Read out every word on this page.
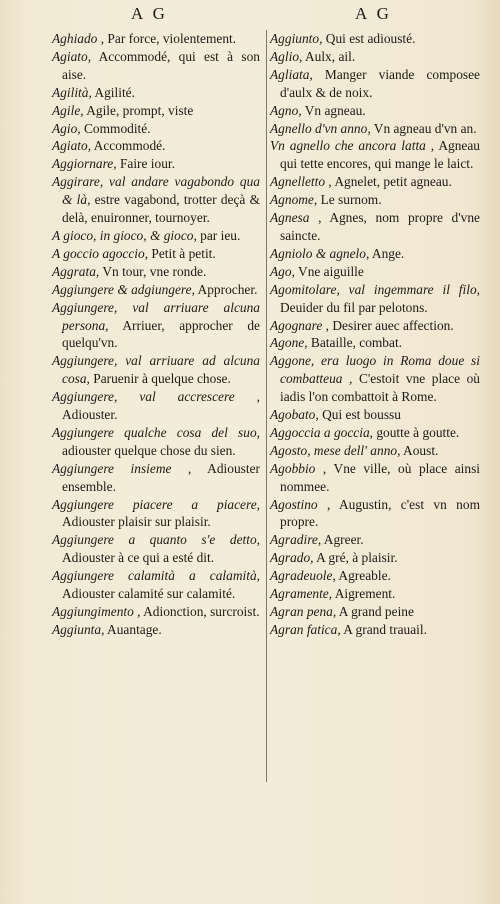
A G	A G

Aghiado , Par force, violentement.

Agiato, Accommodé, qui est à son aise.

Agilità, Agilité.

Agile, Agile, prompt, viste

Agio, Commodité.

Agiato, Accommodé.

Aggiornare, Faire iour.

Aggirare, val andare vagabondo qua & là, estre vagabond, trotter deçà & delà, enuironner, tournoyer.

A gioco, in gioco, & gioco, par ieu.

A goccio agoccio, Petit à petit.

Aggrata, Vn tour, vne ronde.

Aggiungere & adgiungere, Approcher.

Aggiungere, val arriuare alcuna persona, Arriuer, approcher de quelqu'vn.

Aggiungere, val arriuare ad alcuna cosa, Paruenir à quelque chose.

Aggiungere, val accrescere , Adiouster.

Aggiungere qualche cosa del suo, adiouster quelque chose du sien.

Aggiungere insieme , Adiouster ensemble.

Aggiungere piacere a piacere, Adiouster plaisir sur plaisir.

Aggiungere a quanto s'e detto, Adiouster à ce qui a esté dit.

Aggiungere calamità a calamità, Adiouster calamité sur calamité.

Aggiungimento , Adionction, surcroist.

Aggiunta, Auantage.

Aggiunto, Qui est adiousté.

Aglio, Aulx, ail.

Agliata, Manger viande composee d'aulx & de noix.

Agno, Vn agneau.

Agnello d'vn anno, Vn agneau d'vn an.

Vn agnello che ancora latta , Agneau qui tette encores, qui mange le laict.

Agnelletto , Agnelet, petit agneau.

Agnome, Le surnom.

Agnesa , Agnes, nom propre d'vne saincte.

Agniolo & agnelo, Ange.

Ago, Vne aiguille

Agomitolare, val ingemmare il filo, Deuider du fil par pelotons.

Agognare , Desirer auec affection.

Agone, Bataille, combat.

Aggone, era luogo in Roma doue si combatteua , C'estoit vne place où iadis l'on combattoit à Rome.

Agobato, Qui est boussu

Aggoccia a goccia, goutte à goutte.

Agosto, mese dell' anno, Aoust.

Agobbio , Vne ville, où place ainsi nommee.

Agostino , Augustin, c'est vn nom propre.

Agradire, Agreer.

Agrado, A gré, à plaisir.

Agradeuole, Agreable.

Agramente, Aigrement.

Agran pena, A grand peine

Agran fatica, A grand trauail.
